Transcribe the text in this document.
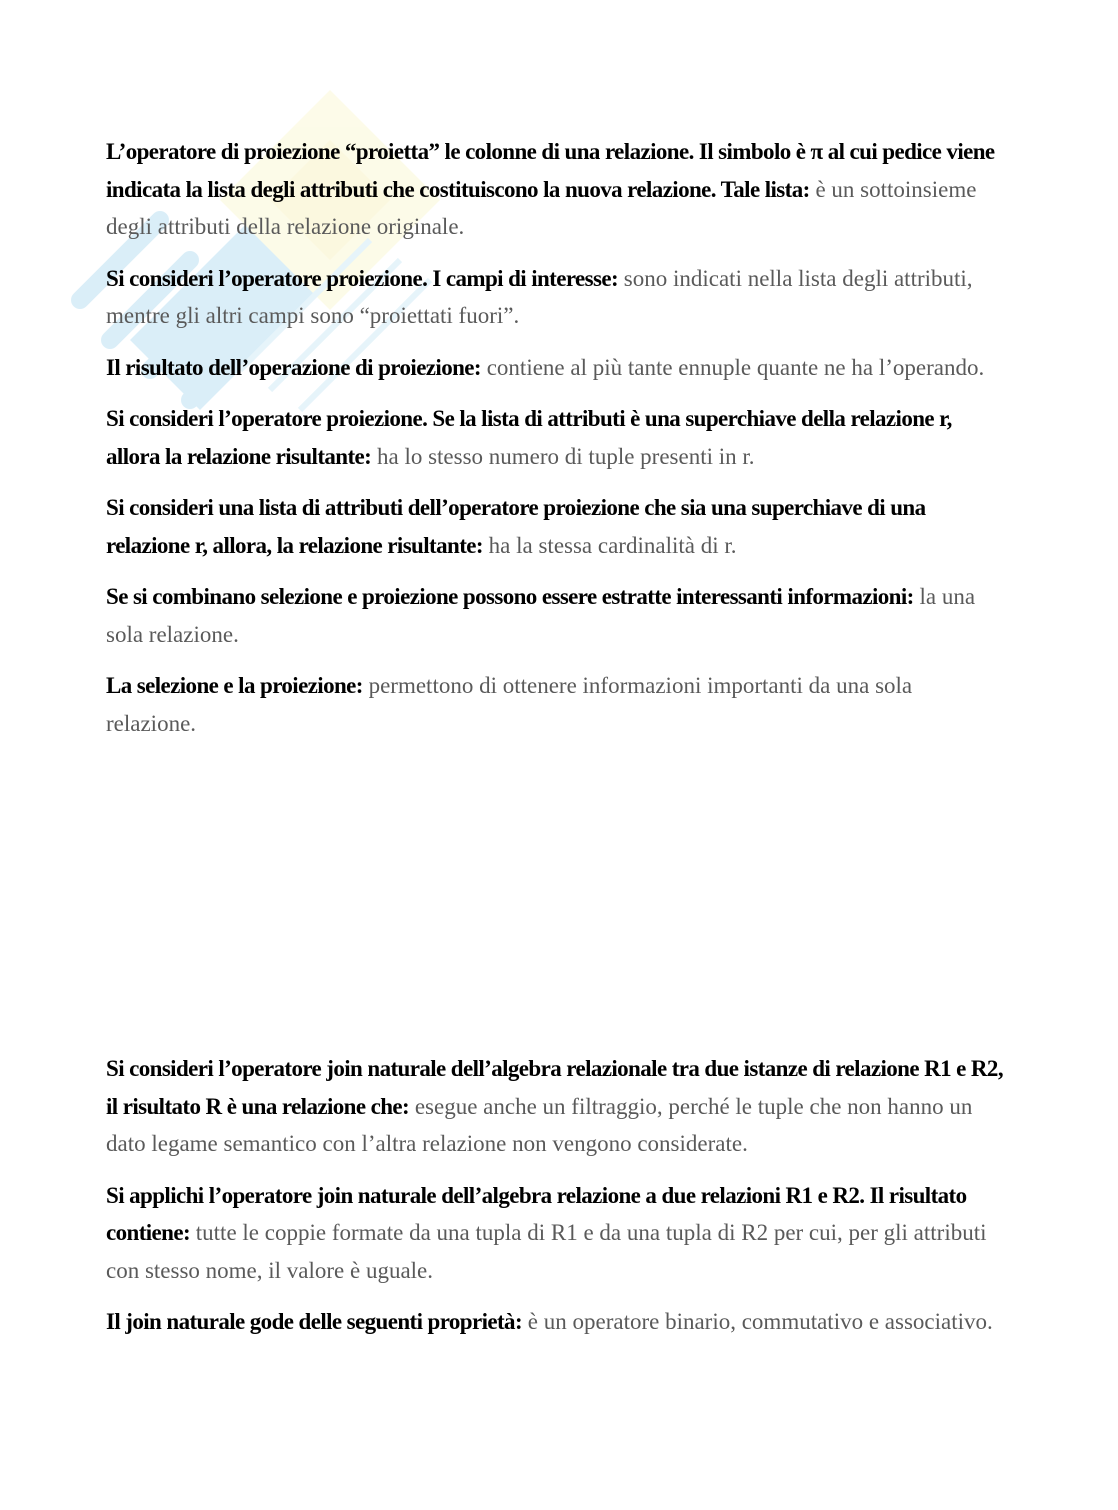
L’operatore di proiezione “proietta” le colonne di una relazione. Il simbolo è π al cui pedice viene indicata la lista degli attributi che costituiscono la nuova relazione. Tale lista: è un sottoinsieme degli attributi della relazione originale.

Si consideri l’operatore proiezione. I campi di interesse: sono indicati nella lista degli attributi, mentre gli altri campi sono “proiettati fuori”.

Il risultato dell’operazione di proiezione: contiene al più tante ennuple quante ne ha l’operando.

Si consideri l’operatore proiezione. Se la lista di attributi è una superchiave della relazione r, allora la relazione risultante: ha lo stesso numero di tuple presenti in r.

Si consideri una lista di attributi dell’operatore proiezione che sia una superchiave di una relazione r, allora, la relazione risultante: ha la stessa cardinalità di r.

Se si combinano selezione e proiezione possono essere estratte interessanti informazioni: la una sola relazione.

La selezione e la proiezione: permettono di ottenere informazioni importanti da una sola relazione.

Si consideri l’operatore join naturale dell’algebra relazionale tra due istanze di relazione R1 e R2, il risultato R è una relazione che: esegue anche un filtraggio, perché le tuple che non hanno un dato legame semantico con l’altra relazione non vengono considerate.

Si applichi l’operatore join naturale dell’algebra relazione a due relazioni R1 e R2. Il risultato contiene: tutte le coppie formate da una tupla di R1 e da una tupla di R2 per cui, per gli attributi con stesso nome, il valore è uguale.

Il join naturale gode delle seguenti proprietà: è un operatore binario, commutativo e associativo.
